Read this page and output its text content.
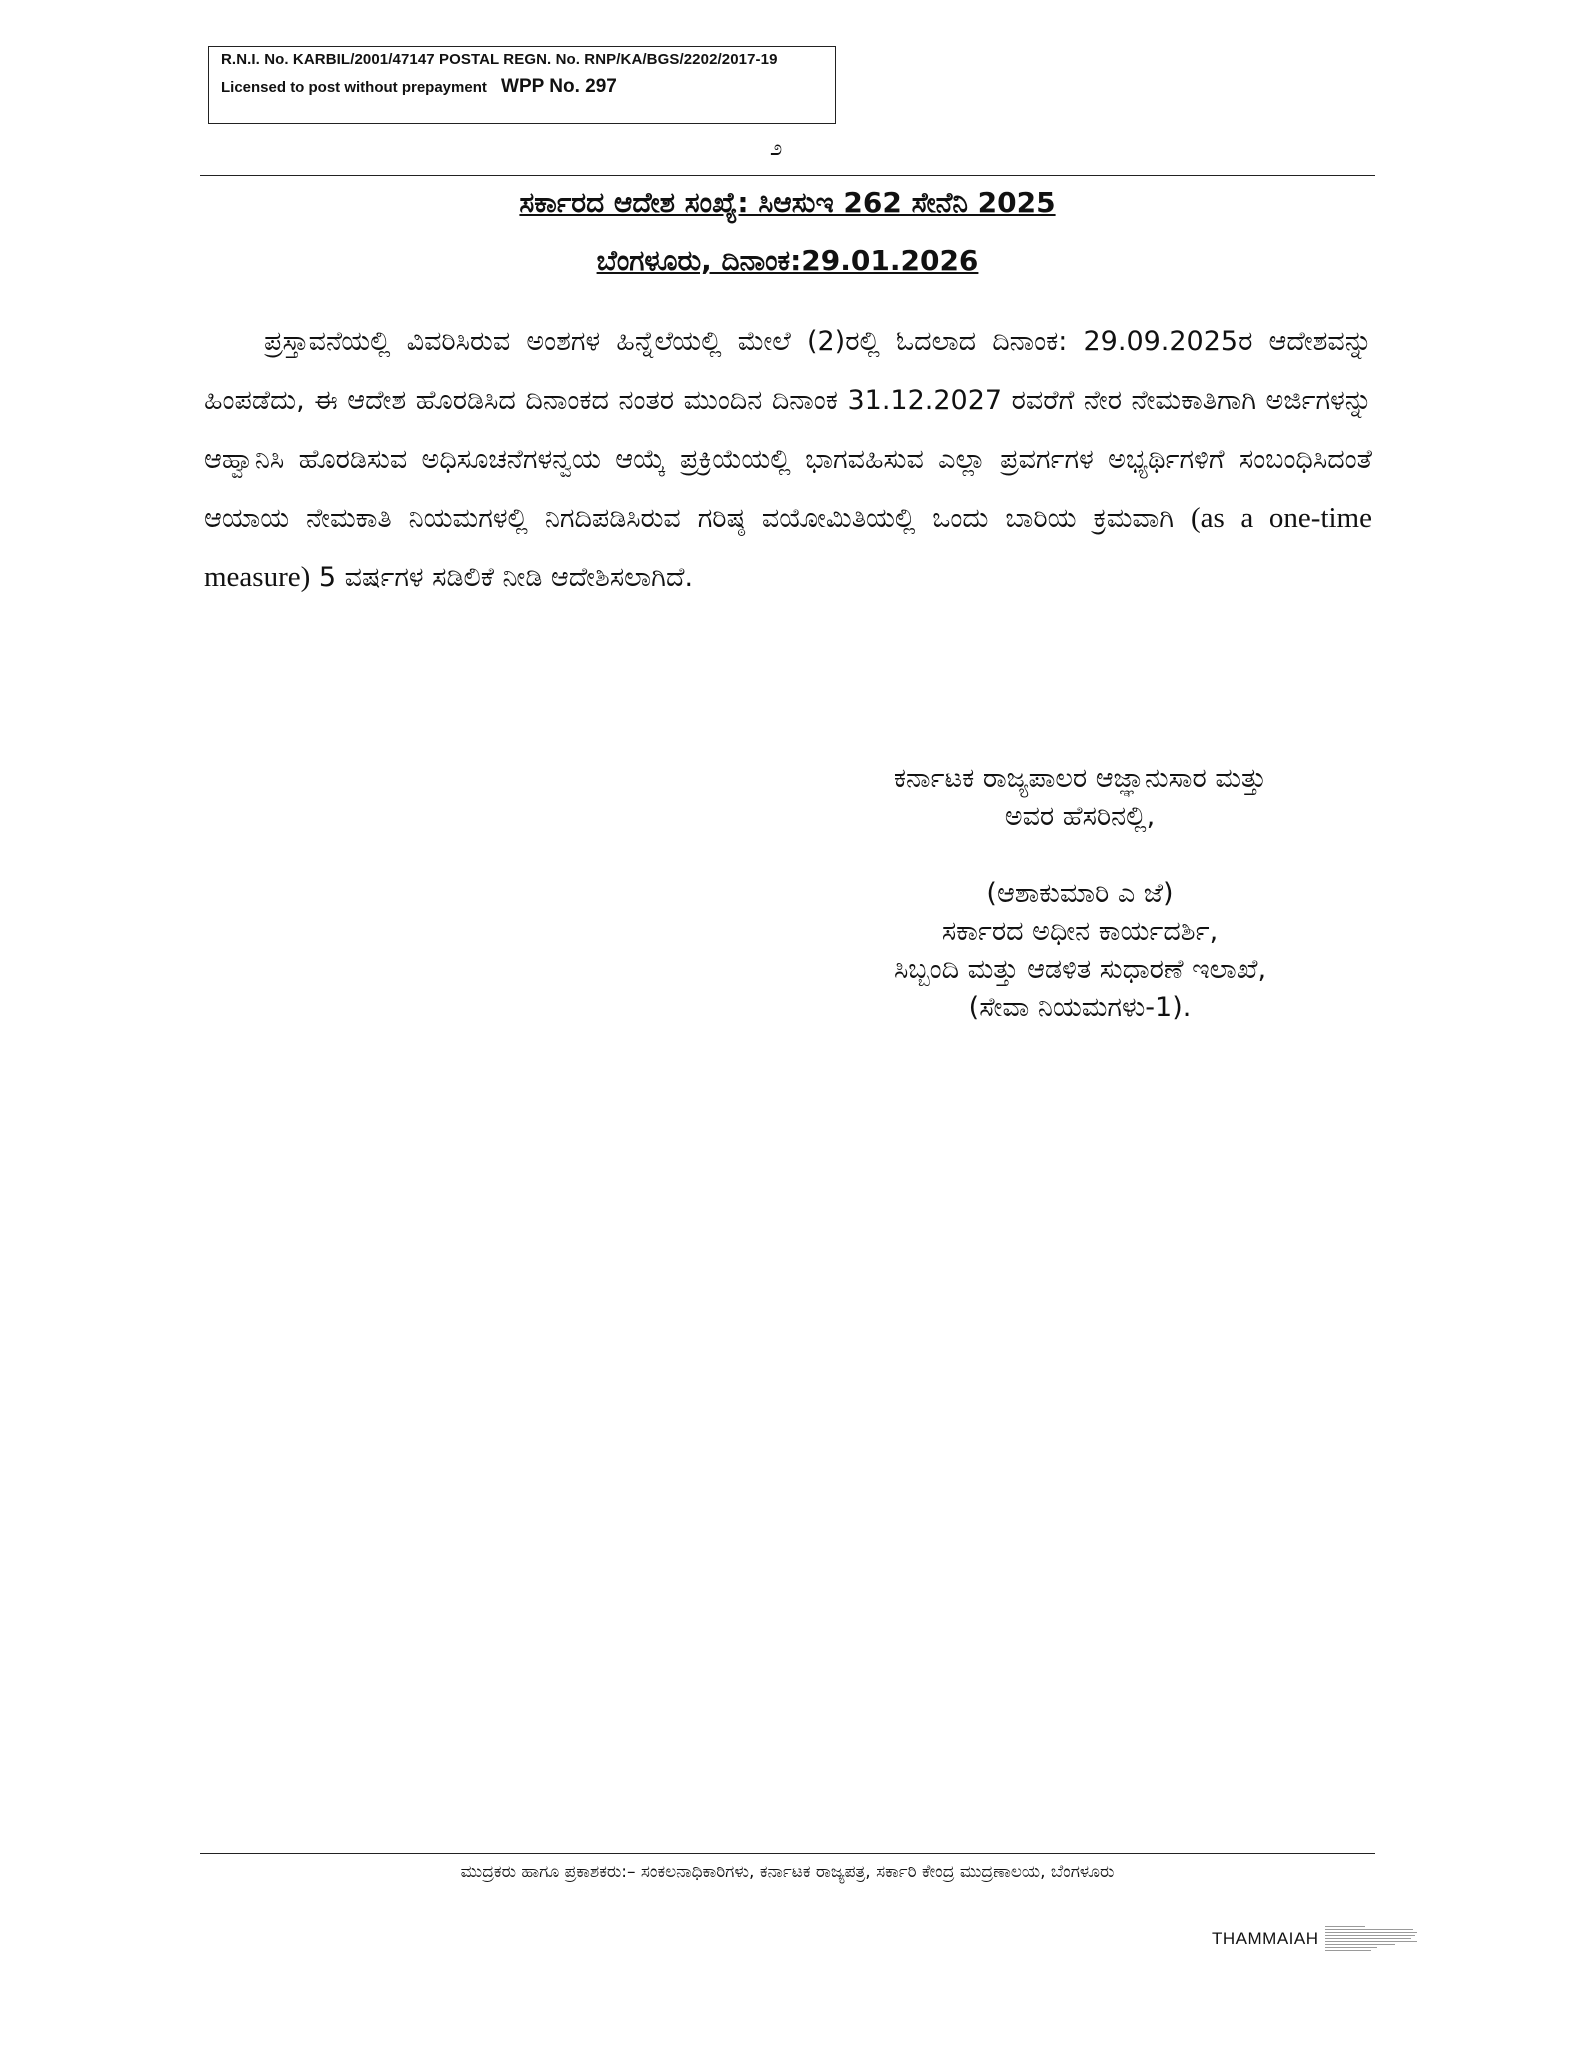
R.N.I. No. KARBIL/2001/47147 POSTAL REGN. No. RNP/KA/BGS/2202/2017-19
Licensed to post without prepayment WPP No. 297
೨
ಸರ್ಕಾರದ ಆದೇಶ ಸಂಖ್ಯೆ: ಸಿಆಸುಇ 262 ಸೇನೆನಿ 2025
ಬೆಂಗಳೂರು, ದಿನಾಂಕ:29.01.2026
ಪ್ರಸ್ತಾವನೆಯಲ್ಲಿ ವಿವರಿಸಿರುವ ಅಂಶಗಳ ಹಿನ್ನೆಲೆಯಲ್ಲಿ ಮೇಲೆ (2)ರಲ್ಲಿ ಓದಲಾದ ದಿನಾಂಕ: 29.09.2025ರ ಆದೇಶವನ್ನು ಹಿಂಪಡೆದು, ಈ ಆದೇಶ ಹೊರಡಿಸಿದ ದಿನಾಂಕದ ನಂತರ ಮುಂದಿನ ದಿನಾಂಕ 31.12.2027 ರವರೆಗೆ ನೇರ ನೇಮಕಾತಿಗಾಗಿ ಅರ್ಜಿಗಳನ್ನು ಆಹ್ವಾನಿಸಿ ಹೊರಡಿಸುವ ಅಧಿಸೂಚನೆಗಳನ್ವಯ ಆಯ್ಕೆ ಪ್ರಕ್ರಿಯೆಯಲ್ಲಿ ಭಾಗವಹಿಸುವ ಎಲ್ಲಾ ಪ್ರವರ್ಗಗಳ ಅಭ್ಯರ್ಥಿಗಳಿಗೆ ಸಂಬಂಧಿಸಿದಂತೆ ಆಯಾಯ ನೇಮಕಾತಿ ನಿಯಮಗಳಲ್ಲಿ ನಿಗದಿಪಡಿಸಿರುವ ಗರಿಷ್ಠ ವಯೋಮಿತಿಯಲ್ಲಿ ಒಂದು ಬಾರಿಯ ಕ್ರಮವಾಗಿ (as a one-time measure) 5 ವರ್ಷಗಳ ಸಡಿಲಿಕೆ ನೀಡಿ ಆದೇಶಿಸಲಾಗಿದೆ.
ಕರ್ನಾಟಕ ರಾಜ್ಯಪಾಲರ ಆಜ್ಞಾನುಸಾರ ಮತ್ತು
ಅವರ ಹೆಸರಿನಲ್ಲಿ,
(ಆಶಾಕುಮಾರಿ ಎ ಜೆ)
ಸರ್ಕಾರದ ಅಧೀನ ಕಾರ್ಯದರ್ಶಿ,
ಸಿಬ್ಬಂದಿ ಮತ್ತು ಆಡಳಿತ ಸುಧಾರಣೆ ಇಲಾಖೆ,
(ಸೇವಾ ನಿಯಮಗಳು-1).
ಮುದ್ರಕರು ಹಾಗೂ ಪ್ರಕಾಶಕರು:– ಸಂಕಲನಾಧಿಕಾರಿಗಳು, ಕರ್ನಾಟಕ ರಾಜ್ಯಪತ್ರ, ಸರ್ಕಾರಿ ಕೇಂದ್ರ ಮುದ್ರಣಾಲಯ, ಬೆಂಗಳೂರು
THAMMAIAH
